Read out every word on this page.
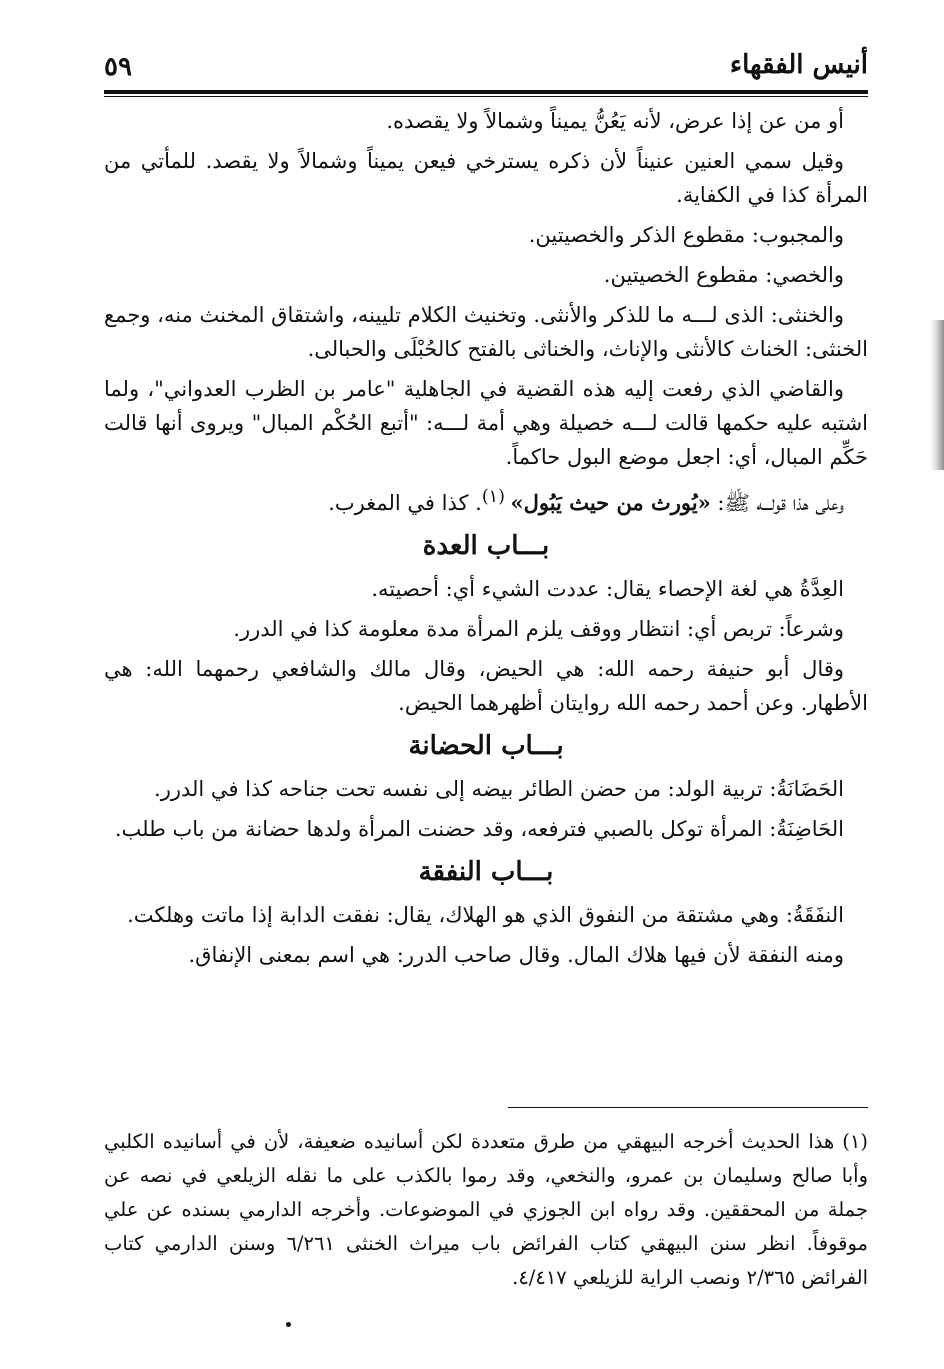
أنيس الفقهاء
٥٩

أو من عن إذا عرض، لأنه يَعُنُّ يميناً وشمالاً ولا يقصده.

وقيل سمي العنين عنيناً لأن ذكره يسترخي فيعن يميناً وشمالاً ولا يقصد. للمأتي من المرأة كذا في الكفاية.

والمجبوب: مقطوع الذكر والخصيتين.

والخصي: مقطوع الخصيتين.

والخنثى: الذى لـــه ما للذكر والأنثى. وتخنيث الكلام تليينه، واشتقاق المخنث منه، وجمع الخنثى: الخناث كالأنثى والإناث، والخناثى بالفتح كالحُبْلَى والحبالى.

والقاضي الذي رفعت إليه هذه القضية في الجاهلية "عامر بن الظرب العدواني"، ولما اشتبه عليه حكمها قالت لـــه خصيلة وهي أمة لـــه: "أتبع الحُكْم المبال" ويروى أنها قالت حَكِّم المبال، أي: اجعل موضع البول حاكماً.

وعلى هذا قولـــه ﷺ: «يُورث من حيث يَبُول» $^{(١)}$. كذا في المغرب.

بـــاب العدة

العِدَّةُ هي لغة الإحصاء يقال: عددت الشيء أي: أحصيته.

وشرعاً: تربص أي: انتظار ووقف يلزم المرأة مدة معلومة كذا في الدرر.

وقال أبو حنيفة رحمه الله: هي الحيض، وقال مالك والشافعي رحمهما الله: هي الأطهار. وعن أحمد رحمه الله روايتان أظهرهما الحيض.

بـــاب الحضانة

الحَضَانَةُ: تربية الولد: من حضن الطائر بيضه إلى نفسه تحت جناحه كذا في الدرر.

الحَاضِنَةُ: المرأة توكل بالصبي فترفعه، وقد حضنت المرأة ولدها حضانة من باب طلب.

بـــاب النفقة

النفَقَةُ: وهي مشتقة من النفوق الذي هو الهلاك، يقال: نفقت الدابة إذا ماتت وهلكت.

ومنه النفقة لأن فيها هلاك المال. وقال صاحب الدرر: هي اسم بمعنى الإنفاق.

(١) هذا الحديث أخرجه البيهقي من طرق متعددة لكن أسانيده ضعيفة، لأن في أسانيده الكلبي وأبا صالح وسليمان بن عمرو، والنخعي، وقد رموا بالكذب على ما نقله الزيلعي في نصه عن جملة من المحققين. وقد رواه ابن الجوزي في الموضوعات. وأخرجه الدارمي بسنده عن علي موقوفاً. انظر سنن البيهقي كتاب الفرائض باب ميراث الخنثى ٦/٢٦١ وسنن الدارمي كتاب الفرائض ٢/٣٦٥ ونصب الراية للزيلعي ٤/٤١٧.
